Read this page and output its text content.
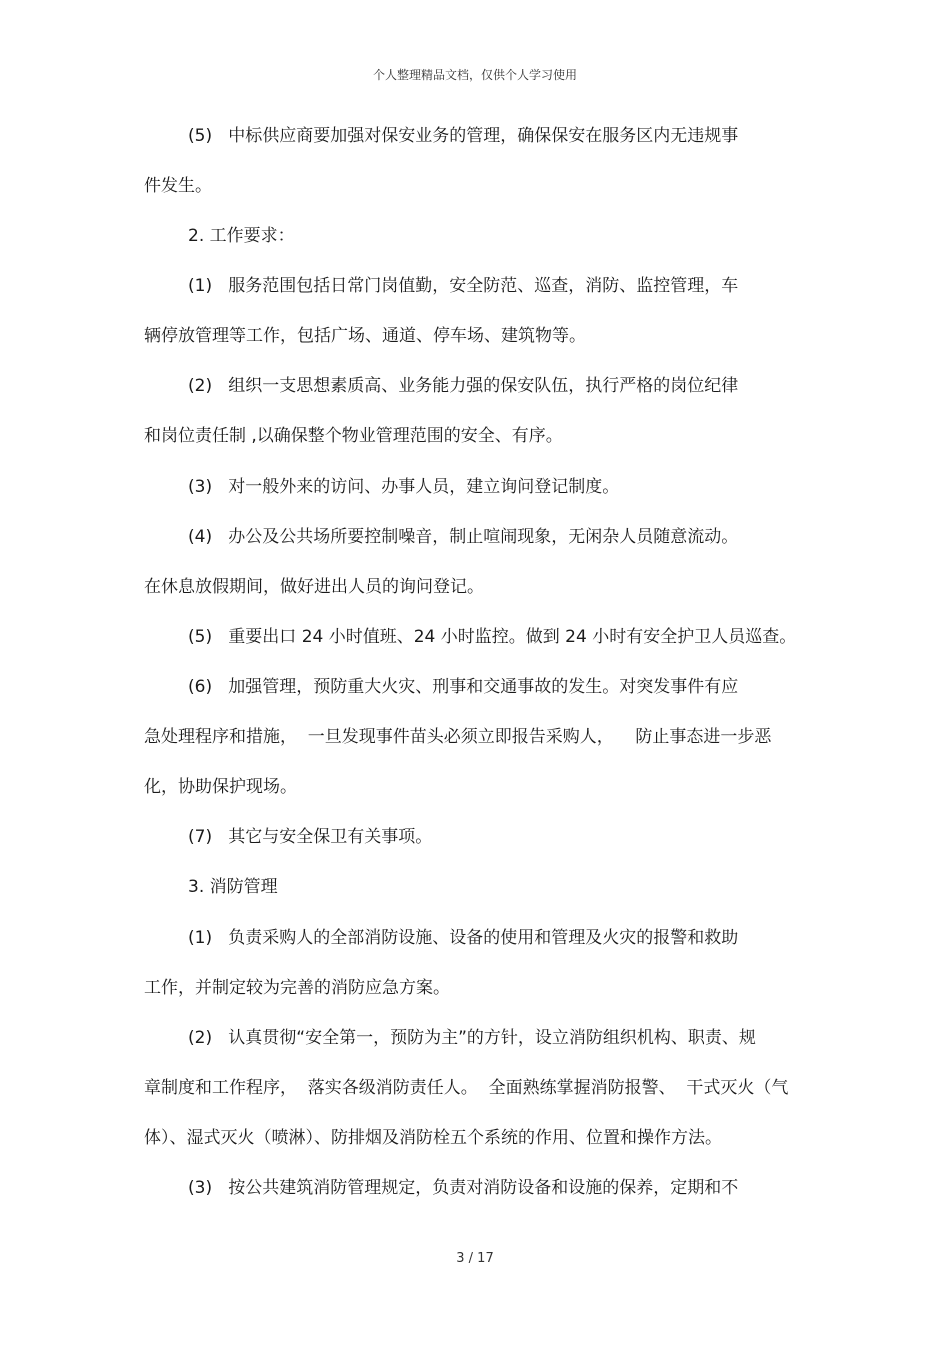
个人整理精品文档，仅供个人学习使用
(5)   中标供应商要加强对保安业务的管理，确保保安在服务区内无违规事
件发生。
2. 工作要求：
(1)   服务范围包括日常门岗值勤，安全防范、巡查，消防、监控管理，车
辆停放管理等工作，包括广场、通道、停车场、建筑物等。
(2)   组织一支思想素质高、业务能力强的保安队伍，执行严格的岗位纪律
和岗位责任制 ,以确保整个物业管理范围的安全、有序。
(3)   对一般外来的访问、办事人员，建立询问登记制度。
(4)   办公及公共场所要控制噪音，制止喧闹现象，无闲杂人员随意流动。
在休息放假期间，做好进出人员的询问登记。
(5)   重要出口 24 小时值班、24 小时监控。做到 24 小时有安全护卫人员巡查。
(6)   加强管理，预防重大火灾、刑事和交通事故的发生。对突发事件有应
急处理程序和措施，  一旦发现事件苗头必须立即报告采购人，    防止事态进一步恶
化，协助保护现场。
(7)   其它与安全保卫有关事项。
3. 消防管理
(1)   负责采购人的全部消防设施、设备的使用和管理及火灾的报警和救助
工作，并制定较为完善的消防应急方案。
(2)   认真贯彻“安全第一，预防为主”的方针，设立消防组织机构、职责、规
章制度和工作程序，  落实各级消防责任人。  全面熟练掌握消防报警、  干式灭火（气
体）、湿式灭火（喷淋）、防排烟及消防栓五个系统的作用、位置和操作方法。
(3)   按公共建筑消防管理规定，负责对消防设备和设施的保养，定期和不
3 / 17
